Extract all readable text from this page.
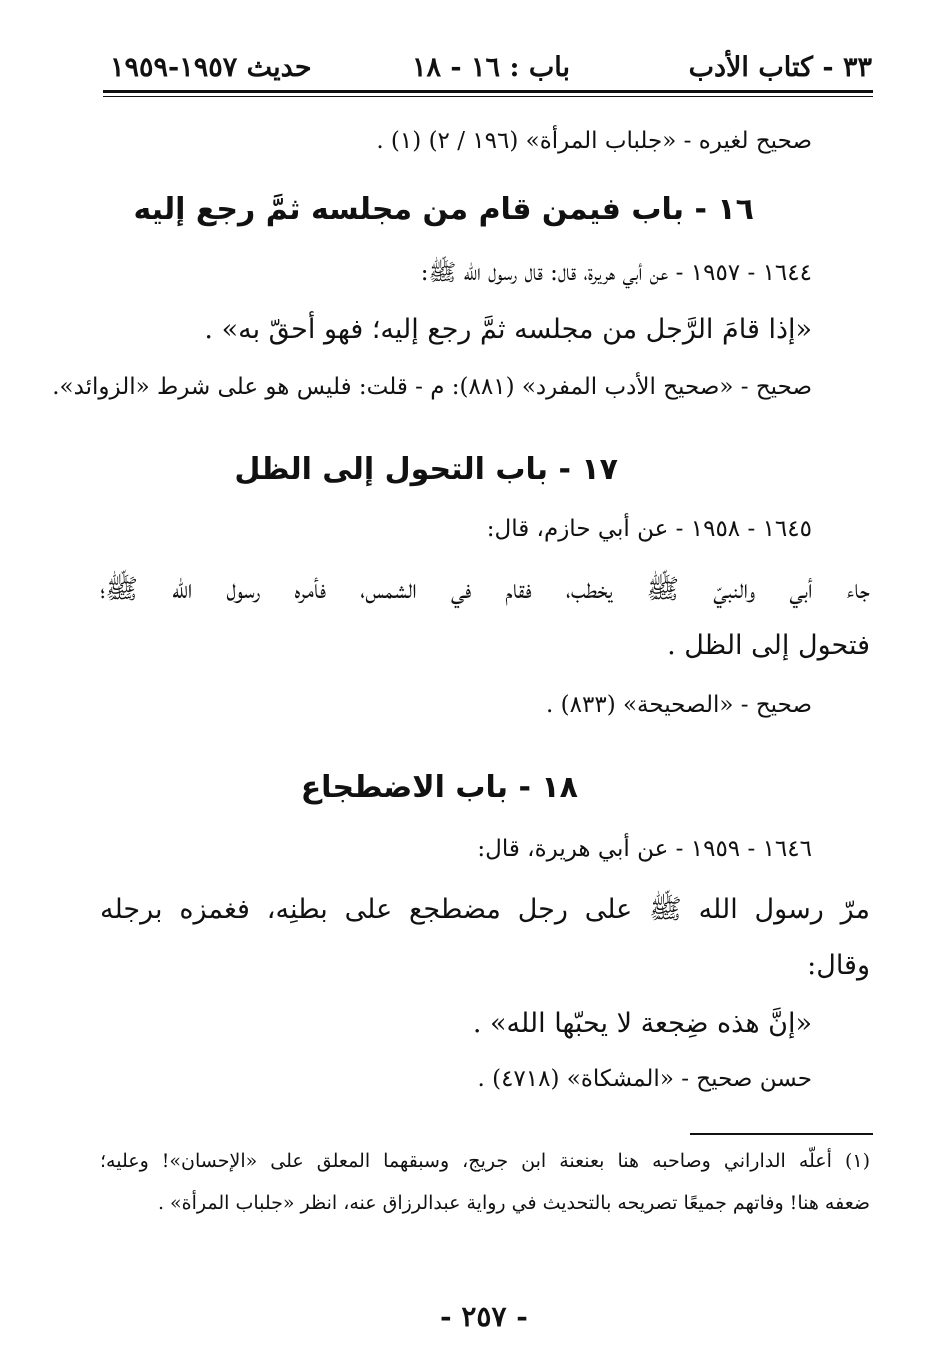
٣٣ - كتاب الأدب
باب : ١٦ - ١٨
حديث ١٩٥٧-١٩٥٩
صحيح لغيره - «جلباب المرأة» (١٩٦ / ٢) (١) .
١٦ - باب فيمن قام من مجلسه ثمَّ رجع إليه
١٦٤٤ - ١٩٥٧ - عن أبي هريرة، قال: قال رسول الله ﷺ:
«إذا قامَ الرَّجل من مجلسه ثمَّ رجع إليه؛ فهو أحقّ به» .
صحيح - «صحيح الأدب المفرد» (٨٨١): م - قلت: فليس هو على شرط «الزوائد».
١٧ - باب التحول إلى الظل
١٦٤٥ - ١٩٥٨ - عن أبي حازم، قال:
جاء أبي والنبيّ ﷺ يخطب، فقام في الشمس، فأمره رسول الله ﷺ؛
فتحول إلى الظل .
صحيح - «الصحيحة» (٨٣٣) .
١٨ - باب الاضطجاع
١٦٤٦ - ١٩٥٩ - عن أبي هريرة، قال:
مرّ رسول الله ﷺ على رجل مضطجع على بطنِه، فغمزه برجله
وقال:
«إنَّ هذه ضِجعة لا يحبّها الله» .
حسن صحيح - «المشكاة» (٤٧١٨) .
(١) أعلّه الداراني وصاحبه هنا بعنعنة ابن جريج، وسبقهما المعلق على «الإحسان»! وعليه؛
ضعفه هنا! وفاتهم جميعًا تصريحه بالتحديث في رواية عبدالرزاق عنه، انظر «جلباب المرأة» .
- ٢٥٧ -
